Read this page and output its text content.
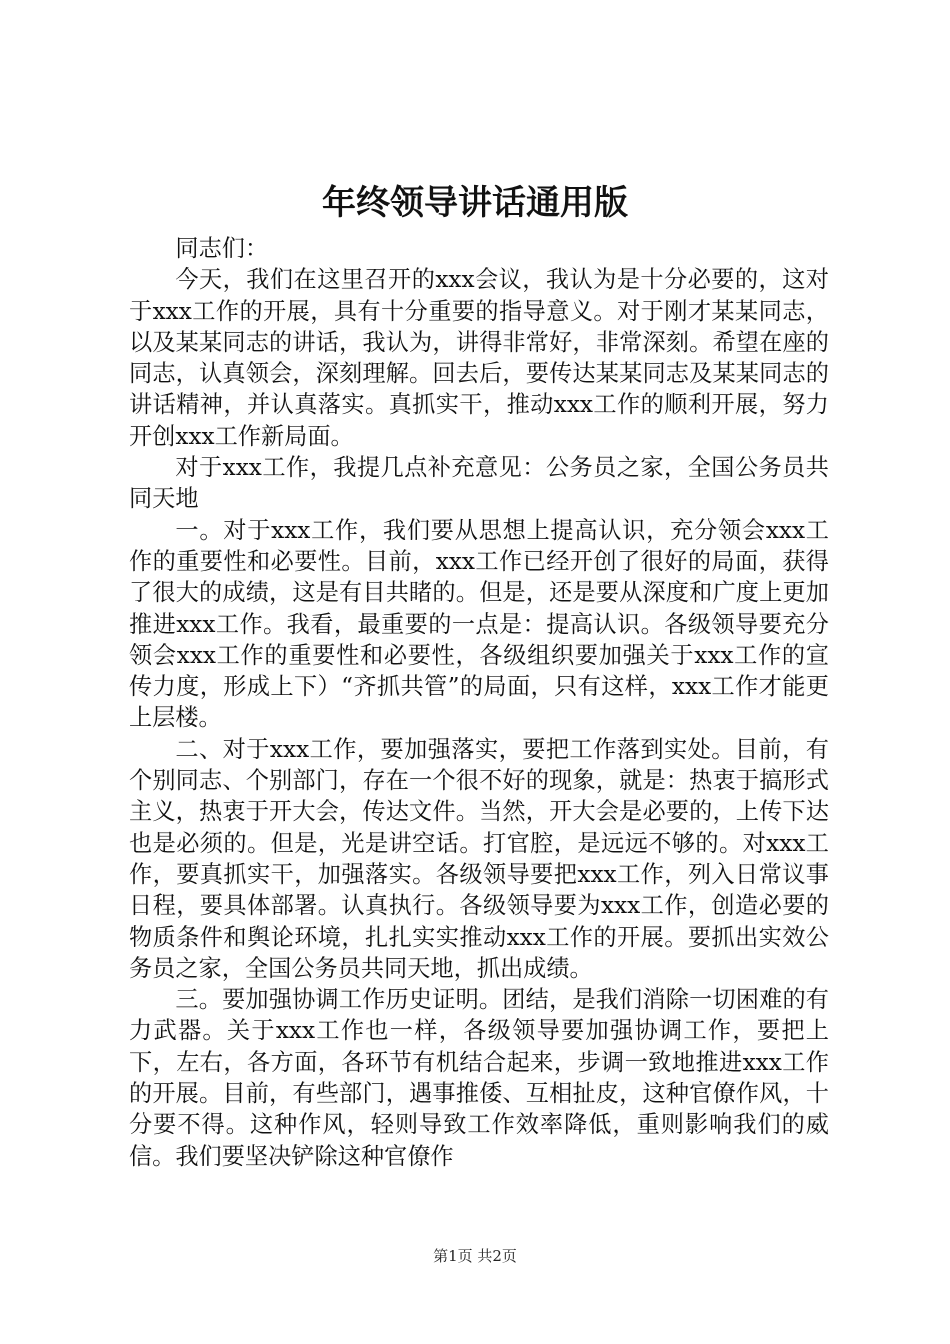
年终领导讲话通用版

同志们：

今天，我们在这里召开的xxx会议，我认为是十分必要的，这对于xxx工作的开展，具有十分重要的指导意义。对于刚才某某同志，以及某某同志的讲话，我认为，讲得非常好，非常深刻。希望在座的同志，认真领会，深刻理解。回去后，要传达某某同志及某某同志的讲话精神，并认真落实。真抓实干，推动xxx工作的顺利开展，努力开创xxx工作新局面。

对于xxx工作，我提几点补充意见：公务员之家，全国公务员共同天地

一。对于xxx工作，我们要从思想上提高认识，充分领会xxx工作的重要性和必要性。目前，xxx工作已经开创了很好的局面，获得了很大的成绩，这是有目共睹的。但是，还是要从深度和广度上更加推进xxx工作。我看，最重要的一点是：提高认识。各级领导要充分领会xxx工作的重要性和必要性，各级组织要加强关于xxx工作的宣传力度，形成上下）“齐抓共管”的局面，只有这样，xxx工作才能更上层楼。

二、对于xxx工作，要加强落实，要把工作落到实处。目前，有个别同志、个别部门，存在一个很不好的现象，就是：热衷于搞形式主义，热衷于开大会，传达文件。当然，开大会是必要的，上传下达也是必须的。但是，光是讲空话。打官腔，是远远不够的。对xxx工作，要真抓实干，加强落实。各级领导要把xxx工作，列入日常议事日程，要具体部署。认真执行。各级领导要为xxx工作，创造必要的物质条件和舆论环境，扎扎实实推动xxx工作的开展。要抓出实效公务员之家，全国公务员共同天地，抓出成绩。

三。要加强协调工作历史证明。团结，是我们消除一切困难的有力武器。关于xxx工作也一样，各级领导要加强协调工作，要把上下，左右，各方面，各环节有机结合起来，步调一致地推进xxx工作的开展。目前，有些部门，遇事推倭、互相扯皮，这种官僚作风，十分要不得。这种作风，轻则导致工作效率降低，重则影响我们的威信。我们要坚决铲除这种官僚作

第1页 共2页
